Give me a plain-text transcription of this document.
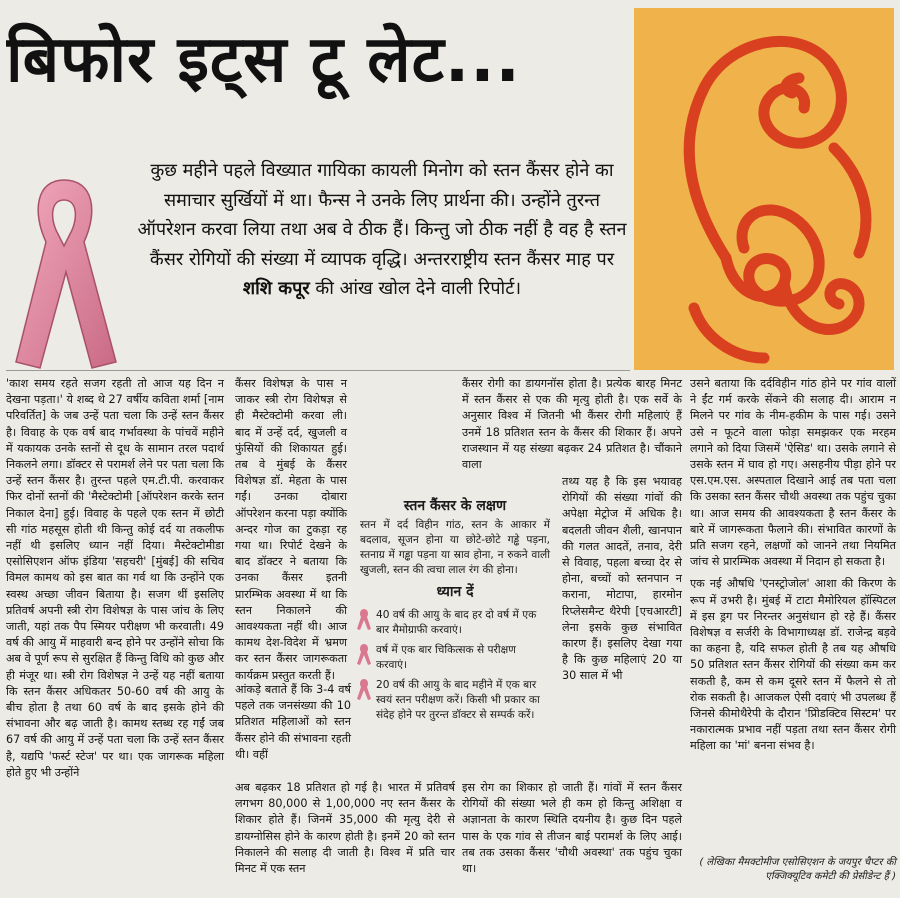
बिफोर इट्स टू लेट...
कुछ महीने पहले विख्यात गायिका कायली मिनोग को स्तन कैंसर होने का समाचार सुर्खियों में था। फैन्स ने उनके लिए प्रार्थना की। उन्होंने तुरन्त ऑपरेशन करवा लिया तथा अब वे ठीक हैं। किन्तु जो ठीक नहीं है वह है स्तन कैंसर रोगियों की संख्या में व्यापक वृद्धि। अन्तरराष्ट्रीय स्तन कैंसर माह पर शशि कपूर की आंख खोल देने वाली रिपोर्ट।

'काश समय रहते सजग रहती तो आज यह दिन न देखना पड़ता।' ये शब्द थे 27 वर्षीय कविता शर्मा [नाम परिवर्तित] के जब उन्हें पता चला कि उन्हें स्तन कैंसर है। विवाह के एक वर्ष बाद गर्भावस्था के पांचवें महीने में यकायक उनके स्तनों से दूध के सामान तरल पदार्थ निकलने लगा। डॉक्टर से परामर्श लेने पर पता चला कि उन्हें स्तन कैंसर है। तुरन्त पहले एम.टी.पी. करवाकर फिर दोनों स्तनों की 'मैस्टेक्टोमी [ऑपरेशन करके स्तन निकाल देना] हुई। विवाह के पहले एक स्तन में छोटी सी गांठ महसूस होती थी किन्तु कोई दर्द या तकलीफ नहीं थी इसलिए ध्यान नहीं दिया। मैस्टेक्टोमीडा एसोसिएशन ऑफ इंडिया 'सहचरी' [मुंबई] की सचिव विमल कामथ को इस बात का गर्व था कि उन्होंने एक स्वस्थ अच्छा जीवन बिताया है। सजग थीं इसलिए प्रतिवर्ष अपनी स्त्री रोग विशेषज्ञ के पास जांच के लिए जाती, यहां तक पैप स्मियर परीक्षण भी करवाती। 49 वर्ष की आयु में माहवारी बन्द होने पर उन्होंने सोचा कि अब वे पूर्ण रूप से सुरक्षित हैं किन्तु विधि को कुछ और ही मंजूर था। स्त्री रोग विशेषज्ञ ने उन्हें यह नहीं बताया कि स्तन कैंसर अधिकतर 50-60 वर्ष की आयु के बीच होता है तथा 60 वर्ष के बाद इसके होने की संभावना और बढ़ जाती है। कामथ स्तब्ध रह गईं जब 67 वर्ष की आयु में उन्हें पता चला कि उन्हें स्तन कैंसर है, यद्यपि 'फर्स्ट स्टेज' पर था। एक जागरूक महिला होते हुए भी उन्होंने

कैंसर विशेषज्ञ के पास न जाकर स्त्री रोग विशेषज्ञ से ही मैस्टेक्टोमी करवा ली। बाद में उन्हें दर्द, खुजली व फुंसियों की शिकायत हुई। तब वे मुंबई के कैंसर विशेषज्ञ डॉ. मेहता के पास गईं। उनका दोबारा ऑपरेशन करना पड़ा क्योंकि अन्दर गोज का टुकड़ा रह गया था। रिपोर्ट देखने के बाद डॉक्टर ने बताया कि उनका कैंसर इतनी प्रारम्भिक अवस्था में था कि स्तन निकालने की आवश्यकता नहीं थी। आज कामथ देश-विदेश में भ्रमण कर स्तन कैंसर जागरूकता कार्यक्रम प्रस्तुत करती हैं।

आंकड़े बताते हैं कि 3-4 वर्ष पहले तक जनसंख्या की 10 प्रतिशत महिलाओं को स्तन कैंसर होने की संभावना रहती थी। वहीं

अब बढ़कर 18 प्रतिशत हो गई है। भारत में प्रतिवर्ष लगभग 80,000 से 1,00,000 नए स्तन कैंसर के शिकार होते हैं। जिनमें 35,000 की मृत्यु देरी से डायग्नोसिस होने के कारण होती है। इनमें 20 को स्तन निकालने की सलाह दी जाती है। विश्व में प्रति चार मिनट में एक स्तन

कैंसर रोगी का डायगनॉस होता है। प्रत्येक बारह मिनट में स्तन कैंसर से एक की मृत्यु होती है। एक सर्वे के अनुसार विश्व में जितनी भी कैंसर रोगी महिलाएं हैं उनमें 18 प्रतिशत स्तन के कैंसर की शिकार हैं। अपने राजस्थान में यह संख्या बढ़कर 24 प्रतिशत है। चौंकाने वाला

तथ्य यह है कि इस भयावह रोगियों की संख्या गांवों की अपेक्षा मेट्रोज में अधिक है। बदलती जीवन शैली, खानपान की गलत आदतें, तनाव, देरी से विवाह, पहला बच्चा देर से होना, बच्चों को स्तनपान न कराना, मोटापा, हारमोन रिप्लेसमैन्ट थैरेपी [एचआरटी] लेना इसके कुछ संभावित कारण हैं। इसलिए देखा गया है कि कुछ महिलाएं 20 या 30 साल में भी

इस रोग का शिकार हो जाती हैं। गांवों में स्तन कैंसर रोगियों की संख्या भले ही कम हो किन्तु अशिक्षा व अज्ञानता के कारण स्थिति दयनीय है। कुछ दिन पहले पास के एक गांव से तीजन बाई परामर्श के लिए आई। तब तक उसका कैंसर 'चौथी अवस्था' तक पहुंच चुका था।

उसने बताया कि दर्दविहीन गांठ होने पर गांव वालों ने ईंट गर्म करके सेंकने की सलाह दी। आराम न मिलने पर गांव के नीम-हकीम के पास गई। उसने उसे न फूटने वाला फोड़ा समझकर एक मरहम लगाने को दिया जिसमें 'ऐसिड' था। उसके लगाने से उसके स्तन में घाव हो गए। असहनीय पीड़ा होने पर एस.एम.एस. अस्पताल दिखाने आई तब पता चला कि उसका स्तन कैंसर चौथी अवस्था तक पहुंच चुका था। आज समय की आवश्यकता है स्तन कैंसर के बारे में जागरूकता फैलाने की। संभावित कारणों के प्रति सजग रहने, लक्षणों को जानने तथा नियमित जांच से प्रारम्भिक अवस्था में निदान हो सकता है।

एक नई औषधि 'एनस्ट्रोजोल' आशा की किरण के रूप में उभरी है। मुंबई में टाटा मैमोरियल हॉस्पिटल में इस ड्रग पर निरन्तर अनुसंधान हो रहे हैं। कैंसर विशेषज्ञ व सर्जरी के विभागाध्यक्ष डॉ. राजेन्द्र बड़वे का कहना है, यदि सफल होती है तब यह औषधि 50 प्रतिशत स्तन कैंसर रोगियों की संख्या कम कर सकती है, कम से कम दूसरे स्तन में फैलने से तो रोक सकती है। आजकल ऐसी दवाएं भी उपलब्ध हैं जिनसे कीमोथैरेपी के दौरान 'प्रिोडक्टिव सिस्टम' पर नकारात्मक प्रभाव नहीं पड़ता तथा स्तन कैंसर रोगी महिला का 'मां' बनना संभव है।

( लेखिका मैमक्टोमीज एसोसिएशन के जयपुर चैप्टर की एक्जिक्यूटिव कमेटी की प्रेसीडेन्ट हैं )
स्तन कैंसर के लक्षण
स्तन में दर्द विहीन गांठ, स्तन के आकार में बदलाव, सूजन होना या छोटे-छोटे गड्ढे पड़ना, स्तनाग्र में गड्ढा पड़ना या स्राव होना, न रुकने वाली खुजली, स्तन की त्वचा लाल रंग की होना।
ध्यान दें
40 वर्ष की आयु के बाद हर दो वर्ष में एक बार मैमोग्राफी करवाएं।
वर्ष में एक बार चिकित्सक से परीक्षण करवाएं।
20 वर्ष की आयु के बाद महीने में एक बार स्वयं स्तन परीक्षण करें। किसी भी प्रकार का संदेह होने पर तुरन्त डॉक्टर से सम्पर्क करें।
